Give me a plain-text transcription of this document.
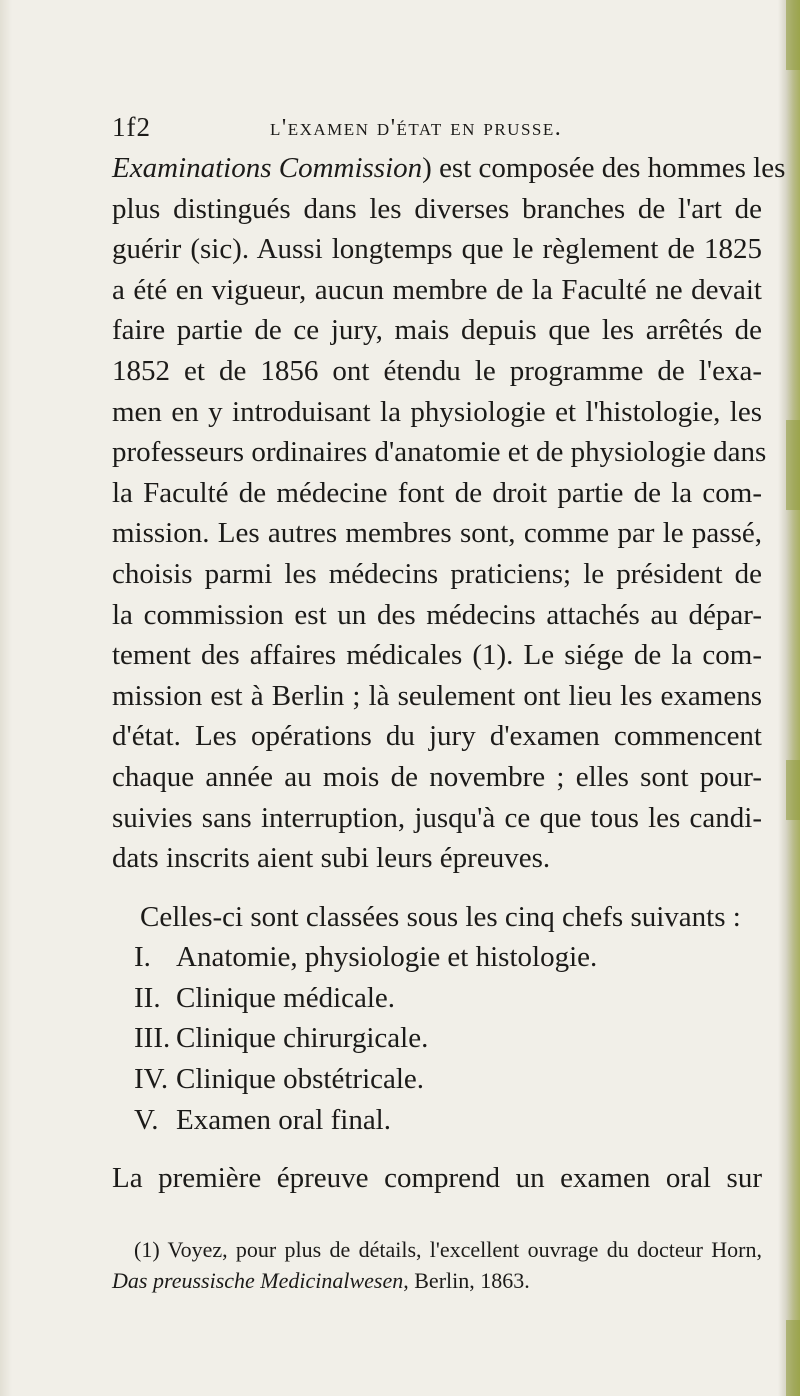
1f2	l'examen d'état en prusse.
Examinations Commission) est composée des hommes les
plus distingués dans les diverses branches de l'art de
guérir (sic). Aussi longtemps que le règlement de 1825
a été en vigueur, aucun membre de la Faculté ne devait
faire partie de ce jury, mais depuis que les arrêtés de
1852 et de 1856 ont étendu le programme de l'exa-
men en y introduisant la physiologie et l'histologie, les
professeurs ordinaires d'anatomie et de physiologie dans
la Faculté de médecine font de droit partie de la com-
mission. Les autres membres sont, comme par le passé,
choisis parmi les médecins praticiens; le président de
la commission est un des médecins attachés au dépar-
tement des affaires médicales (1). Le siége de la com-
mission est à Berlin ; là seulement ont lieu les examens
d'état. Les opérations du jury d'examen commencent
chaque année au mois de novembre ; elles sont pour-
suivies sans interruption, jusqu'à ce que tous les candi-
dats inscrits aient subi leurs épreuves.
Celles-ci sont classées sous les cinq chefs suivants :
I. Anatomie, physiologie et histologie.
II. Clinique médicale.
III. Clinique chirurgicale.
IV. Clinique obstétricale.
V. Examen oral final.
La première épreuve comprend un examen oral sur
(1) Voyez, pour plus de détails, l'excellent ouvrage du docteur Horn,
Das preussische Medicinalwesen, Berlin, 1863.
